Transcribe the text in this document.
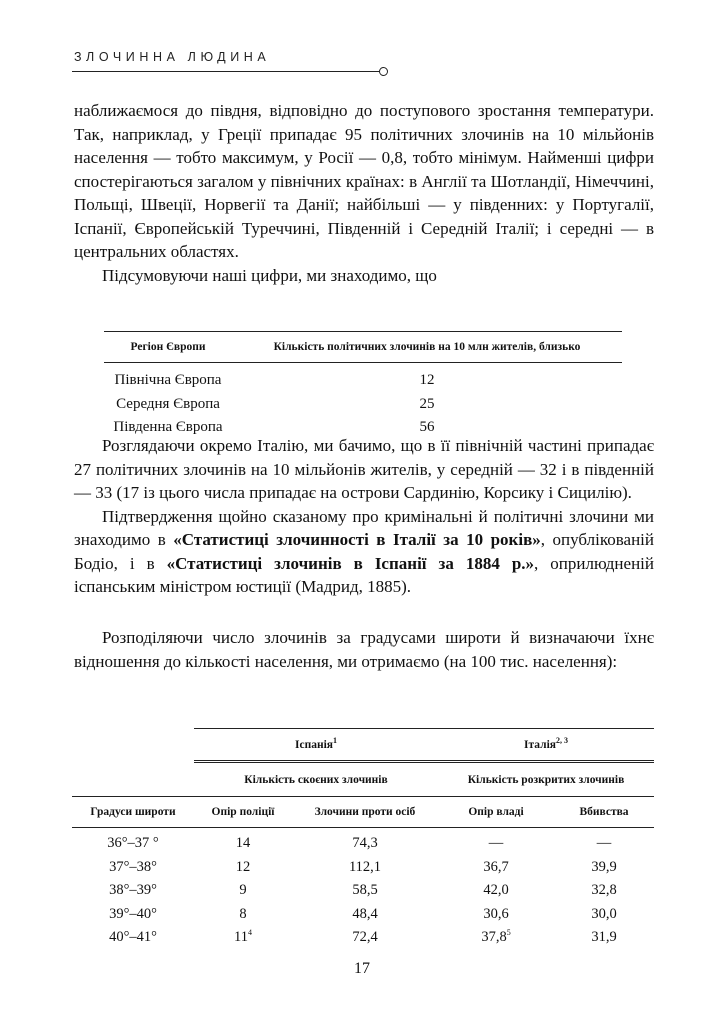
ЗЛОЧИННА ЛЮДИНА

наближаємося до півдня, відповідно до поступового зростання температури. Так, наприклад, у Греції припадає 95 політичних злочинів на 10 мільйонів населення — тобто максимум, у Росії — 0,8, тобто мінімум. Найменші цифри спостерігаються загалом у північних країнах: в Англії та Шотландії, Німеччині, Польщі, Швеції, Норвегії та Данії; найбільші — у південних: у Португалії, Іспанії, Європейській Туреччині, Південній і Середній Італії; і середні — в центральних областях.

Підсумовуючи наші цифри, ми знаходимо, що

Регіон Європи	Кількість політичних злочинів на 10 млн жителів, близько
Північна Європа	12
Середня Європа	25
Південна Європа	56

Розглядаючи окремо Італію, ми бачимо, що в її північній частині припадає 27 політичних злочинів на 10 мільйонів жителів, у середній — 32 і в південній — 33 (17 із цього числа припадає на острови Сардинію, Корсику і Сицилію).

Підтвердження щойно сказаному про кримінальні й політичні злочини ми знаходимо в «Статистиці злочинності в Італії за 10 років», опублікованій Бодіо, і в «Статистиці злочинів в Іспанії за 1884 р.», оприлюдненій іспанським міністром юстиції (Мадрид, 1885).

Розподіляючи число злочинів за градусами широти й визначаючи їхнє відношення до кількості населення, ми отримаємо (на 100 тис. населення):

	Іспанія$^1$		Італія$^{2, 3}$
	Кількість скоєних злочинів		Кількість розкритих злочинів	
Градуси широти	Опір поліції	Злочини проти осіб	Опір владі	Вбивства
36°–37 °	14	74,3	—	—
37°–38°	12	112,1	36,7	39,9
38°–39°	9	58,5	42,0	32,8
39°–40°	8	48,4	30,6	30,0
40°–41°	$11^4$	72,4	37,8$^5$	31,9
17
